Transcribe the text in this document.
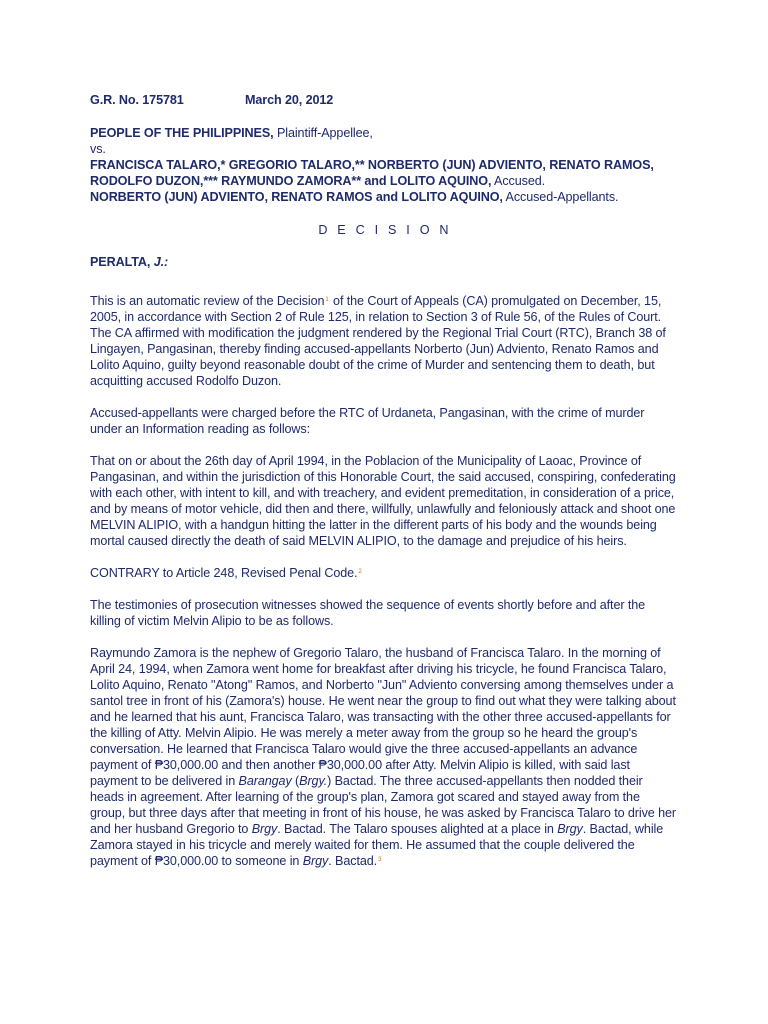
G.R. No. 175781	March 20, 2012

PEOPLE OF THE PHILIPPINES, Plaintiff-Appellee,

vs.

FRANCISCA TALARO,* GREGORIO TALARO,** NORBERTO (JUN) ADVIENTO, RENATO RAMOS, RODOLFO DUZON,*** RAYMUNDO ZAMORA** and LOLITO AQUINO, Accused.

NORBERTO (JUN) ADVIENTO, RENATO RAMOS and LOLITO AQUINO, Accused-Appellants.

D E C I S I O N
PERALTA, J.:

This is an automatic review of the Decision$^1$ of the Court of Appeals (CA) promulgated on December, 15, 2005, in accordance with Section 2 of Rule 125, in relation to Section 3 of Rule 56, of the Rules of Court. The CA affirmed with modification the judgment rendered by the Regional Trial Court (RTC), Branch 38 of Lingayen, Pangasinan, thereby finding accused-appellants Norberto (Jun) Adviento, Renato Ramos and Lolito Aquino, guilty beyond reasonable doubt of the crime of Murder and sentencing them to death, but acquitting accused Rodolfo Duzon.

Accused-appellants were charged before the RTC of Urdaneta, Pangasinan, with the crime of murder under an Information reading as follows:

That on or about the 26th day of April 1994, in the Poblacion of the Municipality of Laoac, Province of Pangasinan, and within the jurisdiction of this Honorable Court, the said accused, conspiring, confederating with each other, with intent to kill, and with treachery, and evident premeditation, in consideration of a price, and by means of motor vehicle, did then and there, willfully, unlawfully and feloniously attack and shoot one MELVIN ALIPIO, with a handgun hitting the latter in the different parts of his body and the wounds being mortal caused directly the death of said MELVIN ALIPIO, to the damage and prejudice of his heirs.

CONTRARY to Article 248, Revised Penal Code.$^2$

The testimonies of prosecution witnesses showed the sequence of events shortly before and after the killing of victim Melvin Alipio to be as follows.

Raymundo Zamora is the nephew of Gregorio Talaro, the husband of Francisca Talaro. In the morning of April 24, 1994, when Zamora went home for breakfast after driving his tricycle, he found Francisca Talaro, Lolito Aquino, Renato "Atong" Ramos, and Norberto "Jun" Adviento conversing among themselves under a santol tree in front of his (Zamora's) house. He went near the group to find out what they were talking about and he learned that his aunt, Francisca Talaro, was transacting with the other three accused-appellants for the killing of Atty. Melvin Alipio. He was merely a meter away from the group so he heard the group's conversation. He learned that Francisca Talaro would give the three accused-appellants an advance payment of ₱30,000.00 and then another ₱30,000.00 after Atty. Melvin Alipio is killed, with said last payment to be delivered in Barangay (Brgy.) Bactad. The three accused-appellants then nodded their heads in agreement. After learning of the group's plan, Zamora got scared and stayed away from the group, but three days after that meeting in front of his house, he was asked by Francisca Talaro to drive her and her husband Gregorio to Brgy. Bactad. The Talaro spouses alighted at a place in Brgy. Bactad, while Zamora stayed in his tricycle and merely waited for them. He assumed that the couple delivered the payment of ₱30,000.00 to someone in Brgy. Bactad.$^3$
